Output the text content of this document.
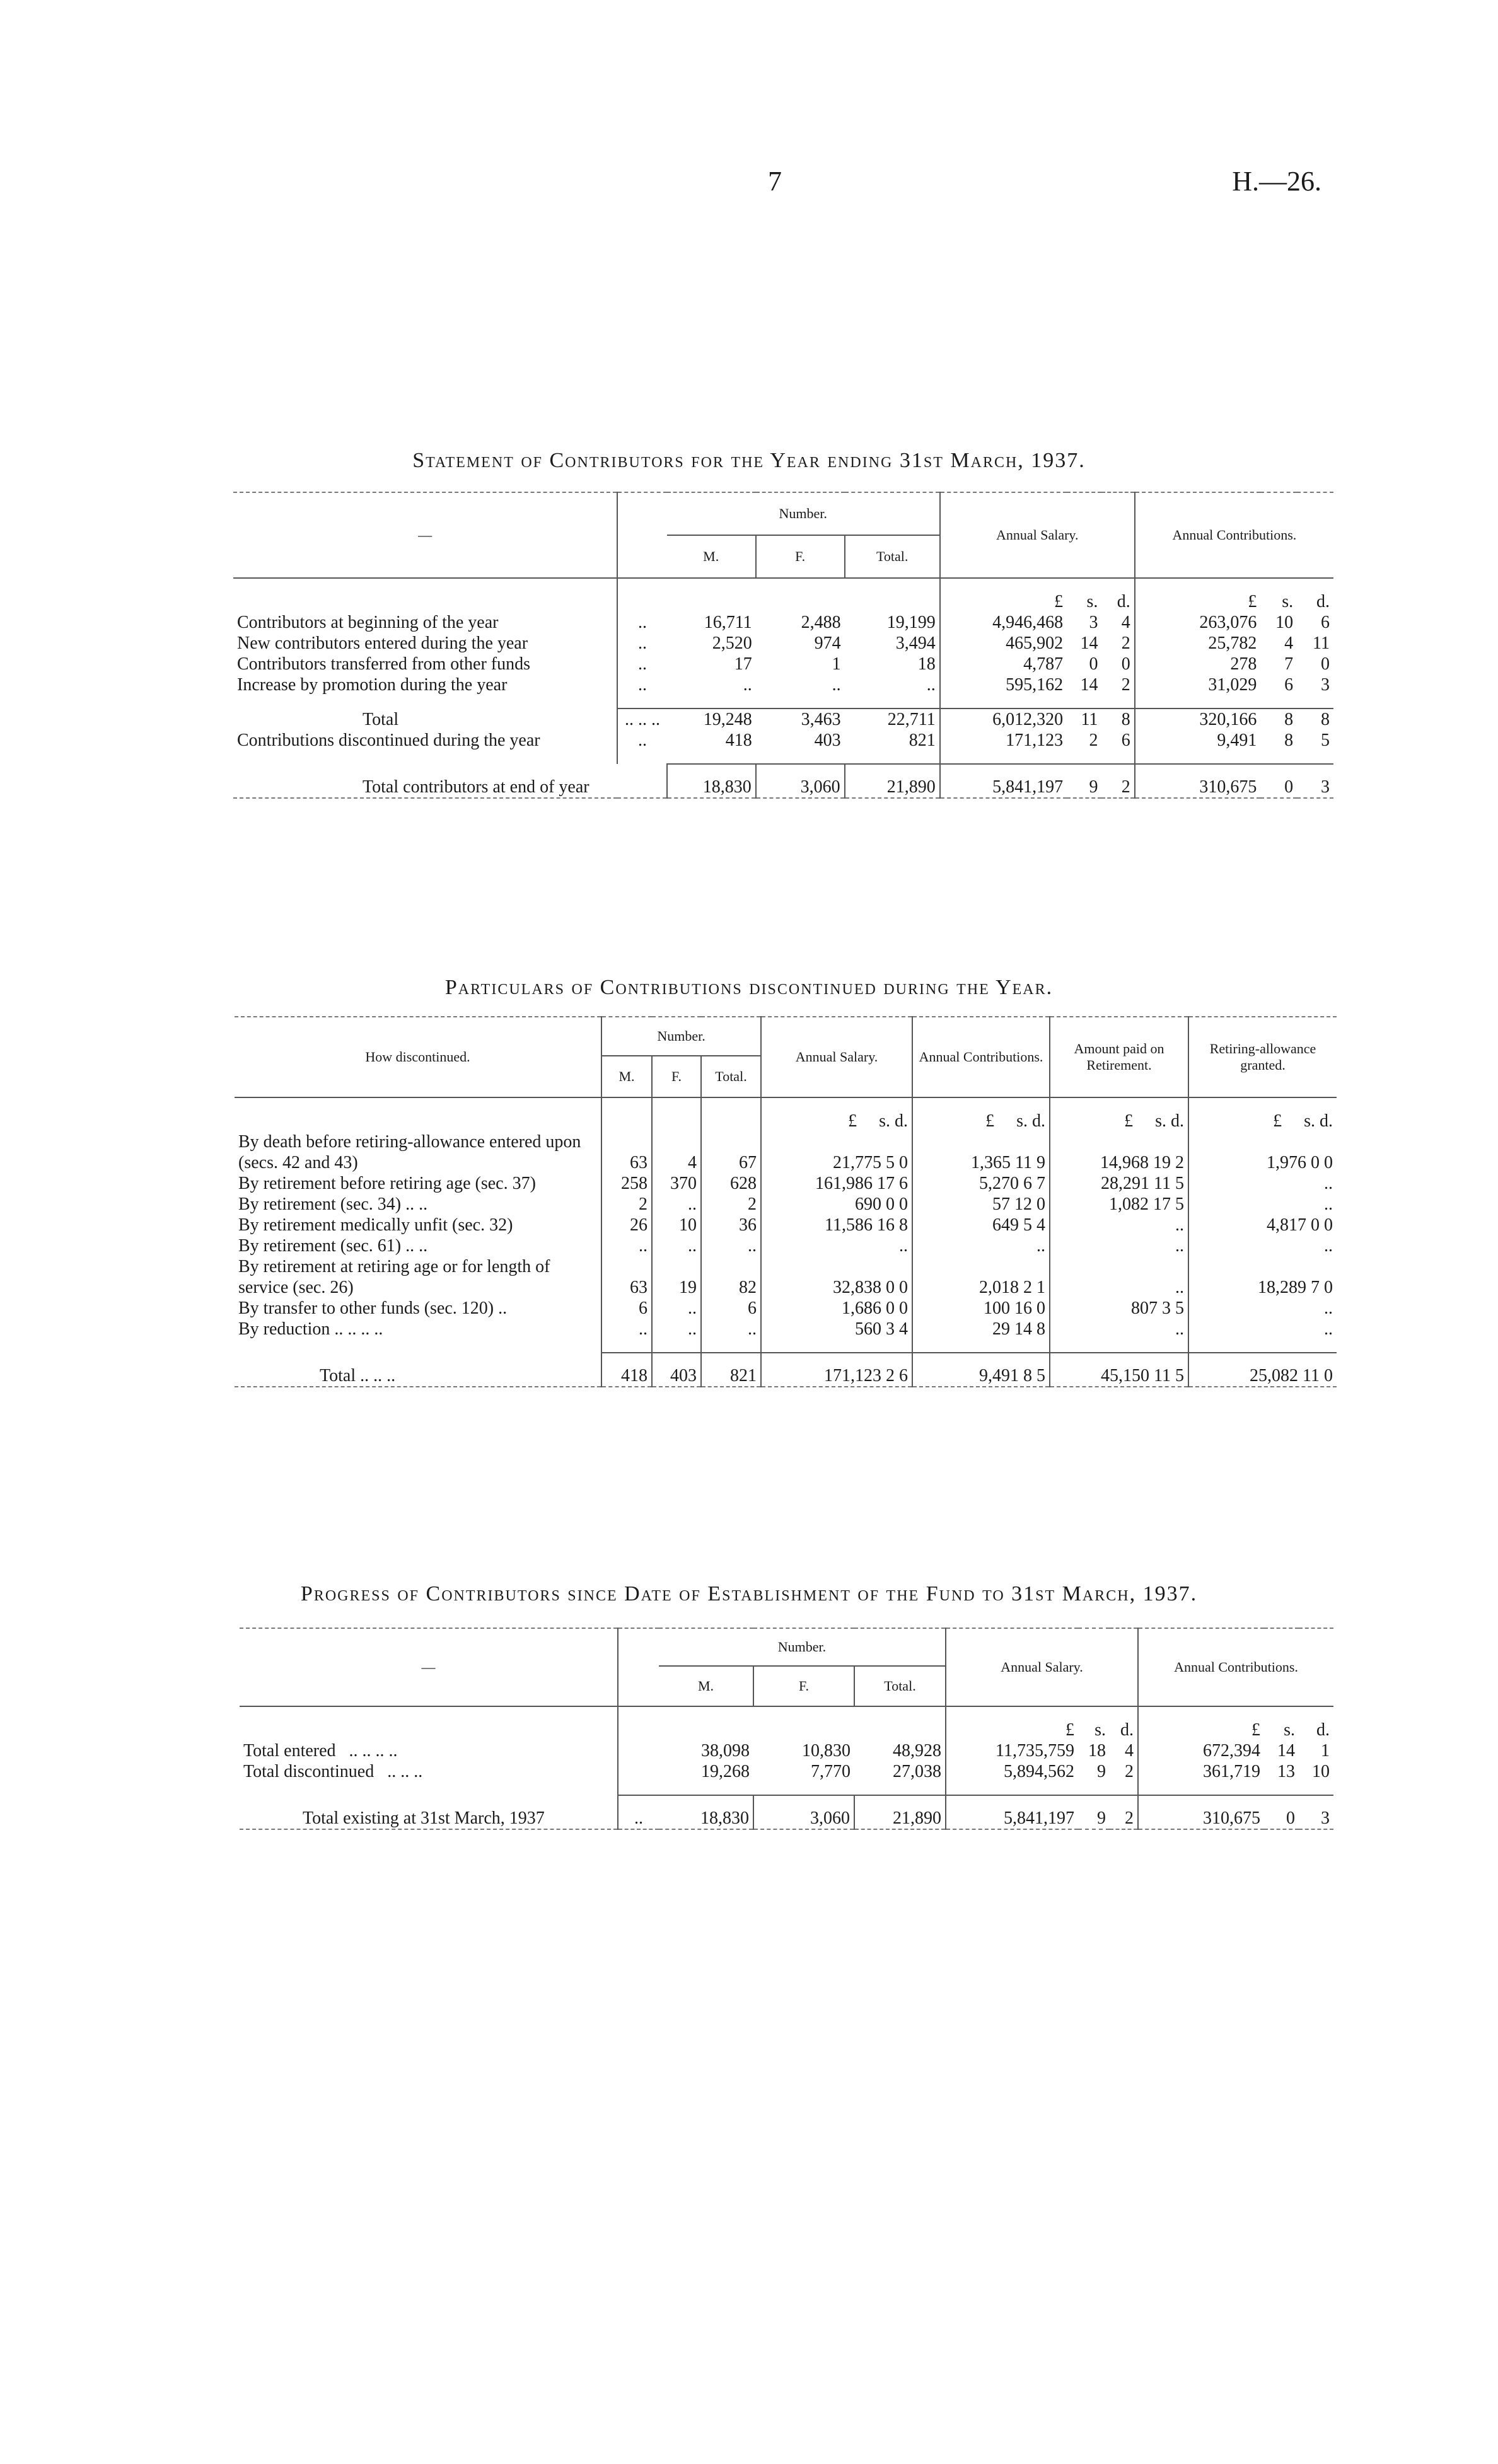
7	H.—26.
Statement of Contributors for the Year ending 31st March, 1937.
—		Number.			Annual Salary.			Annual Contributions.		
		M.	F.	Total.						

					£	s.	d.	£	s.	d.
Contributors at beginning of the year	..	16,711	2,488	19,199	4,946,468	3	4	263,076	10	6
New contributors entered during the year	..	2,520	974	3,494	465,902	14	2	25,782	4	11
Contributors transferred from other funds	..	17	1	18	4,787	0	0	278	7	0
Increase by promotion during the year	..	..	..	..	595,162	14	2	31,029	6	3

Total	.. .. ..	19,248	3,463	22,711	6,012,320	11	8	320,166	8	8
Contributions discontinued during the year	..	418	403	821	171,123	2	6	9,491	8	5

Total contributors at end of year		18,830	3,060	21,890	5,841,197	9	2	310,675	0	3

Particulars of Contributions discontinued during the Year.
How discontinued.	Number.			Annual Salary.	Annual Contributions.	Amount paid on Retirement.	Retiring-allowance granted.
	M.	F.	Total.				

				£ s. d.	£ s. d.	£ s. d.	£ s. d.
By death before retiring-allowance entered upon (secs. 42 and 43)	63	4	67	21,775 5 0	1,365 11 9	14,968 19 2	1,976 0 0
By retirement before retiring age (sec. 37)	258	370	628	161,986 17 6	5,270 6 7	28,291 11 5	..
By retirement (sec. 34) .. ..	2	..	2	690 0 0	57 12 0	1,082 17 5	..
By retirement medically unfit (sec. 32)	26	10	36	11,586 16 8	649 5 4	..	4,817 0 0
By retirement (sec. 61) .. ..	..	..	..	..	..	..	..
By retirement at retiring age or for length of service (sec. 26)	63	19	82	32,838 0 0	2,018 2 1	..	18,289 7 0
By transfer to other funds (sec. 120) ..	6	..	6	1,686 0 0	100 16 0	807 3 5	..
By reduction .. .. .. ..	..	..	..	560 3 4	29 14 8	..	..

Total .. .. ..	418	403	821	171,123 2 6	9,491 8 5	45,150 11 5	25,082 11 0

Progress of Contributors since Date of Establishment of the Fund to 31st March, 1937.
—		Number.			Annual Salary.			Annual Contributions.		
		M.	F.	Total.						

					£	s.	d.	£	s.	d.
Total entered .. .. .. ..		38,098	10,830	48,928	11,735,759	18	4	672,394	14	1
Total discontinued .. .. ..		19,268	7,770	27,038	5,894,562	9	2	361,719	13	10

Total existing at 31st March, 1937	..	18,830	3,060	21,890	5,841,197	9	2	310,675	0	3
